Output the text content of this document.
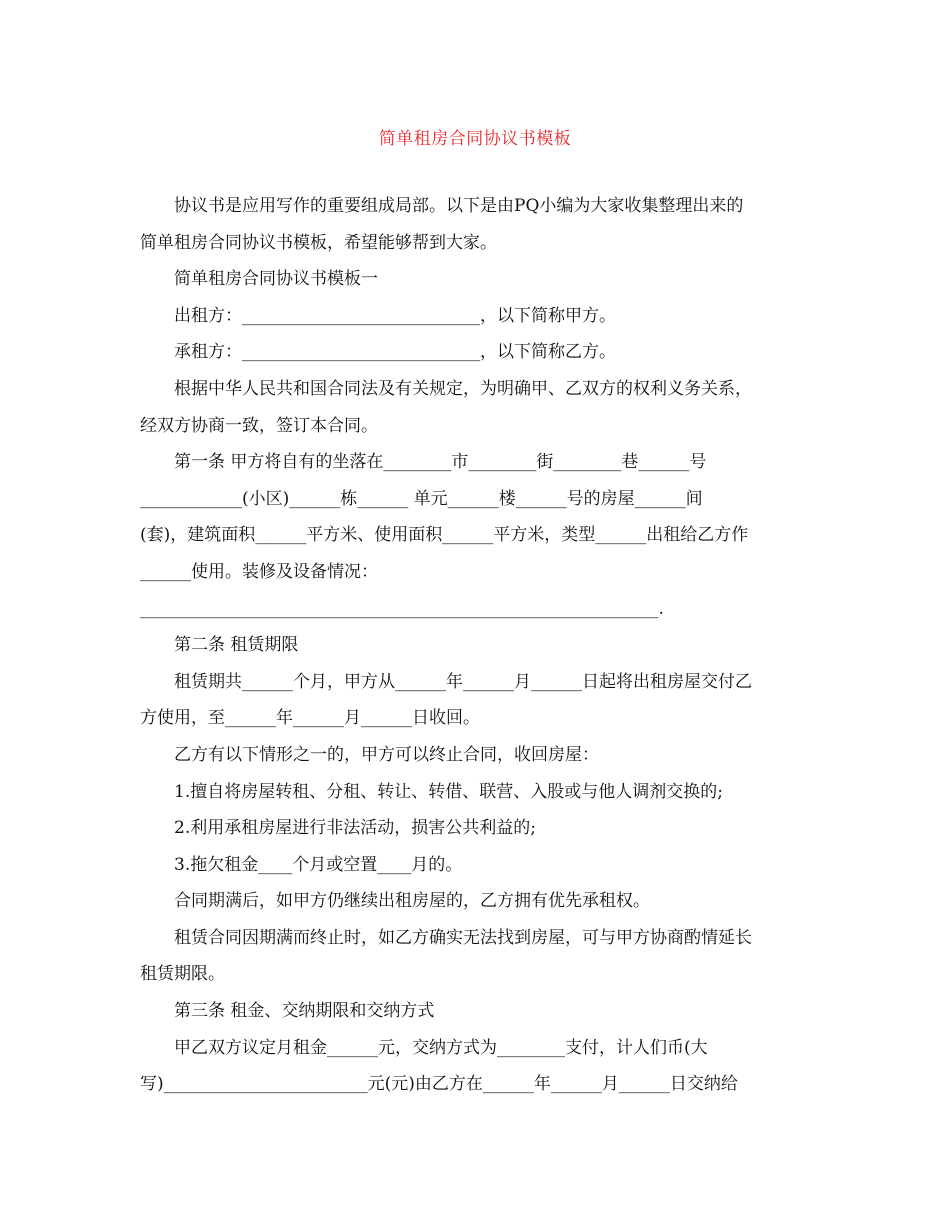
简单租房合同协议书模板
协议书是应用写作的重要组成局部。以下是由PQ小编为大家收集整理出来的
简单租房合同协议书模板，希望能够帮到大家。
简单租房合同协议书模板一
出租方：____________________________，以下简称甲方。
承租方：____________________________，以下简称乙方。
根据中华人民共和国合同法及有关规定，为明确甲、乙双方的权利义务关系，
经双方协商一致，签订本合同。
第一条 甲方将自有的坐落在________市________街________巷______号
____________(小区)______栋______ 单元______楼______号的房屋______间
(套)，建筑面积______平方米、使用面积______平方米，类型______出租给乙方作
______使用。装修及设备情况：
_____________________________________________________________.
第二条 租赁期限
租赁期共______个月，甲方从______年______月______日起将出租房屋交付乙
方使用，至______年______月______日收回。
乙方有以下情形之一的，甲方可以终止合同，收回房屋：
1.擅自将房屋转租、分租、转让、转借、联营、入股或与他人调剂交换的;
2.利用承租房屋进行非法活动，损害公共利益的;
3.拖欠租金____个月或空置____月的。
合同期满后，如甲方仍继续出租房屋的，乙方拥有优先承租权。
租赁合同因期满而终止时，如乙方确实无法找到房屋，可与甲方协商酌情延长
租赁期限。
第三条 租金、交纳期限和交纳方式
甲乙双方议定月租金______元，交纳方式为________支付，计人们币(大
写)________________________元(元)由乙方在______年______月______日交纳给
